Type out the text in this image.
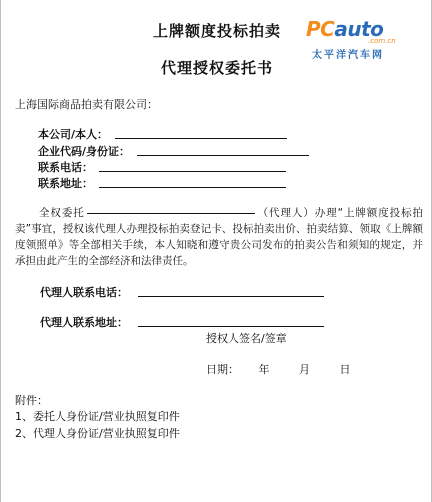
上牌额度投标拍卖
代理授权委托书
PCauto
.com.cn
太平洋汽车网
上海国际商品拍卖有限公司：
本公司/本人：
企业代码/身份证：
联系电话：
联系地址：
全权委托	（代理人）办理“上牌额度投标拍卖”事宜，授权该代理人办理投标拍卖登记卡、投标拍卖出价、拍卖结算、领取《上牌额度领照单》等全部相关手续，本人知晓和遵守贵公司发布的拍卖公告和须知的规定，并承担由此产生的全部经济和法律责任。
代理人联系电话：
代理人联系地址：
授权人签名/签章
日期： 年	月	日
附件：
1、委托人身份证/营业执照复印件
2、代理人身份证/营业执照复印件
